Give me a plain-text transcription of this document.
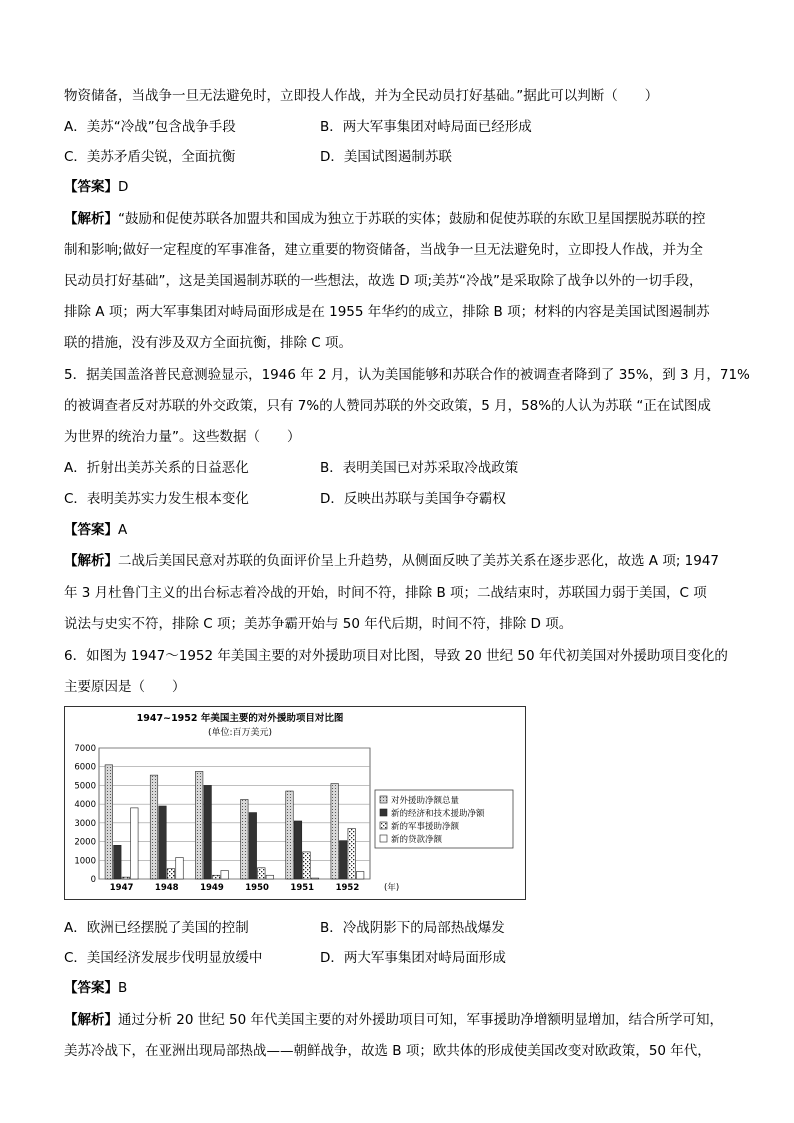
物资储备，当战争一旦无法避免时，立即投人作战，并为全民动员打好基础。”据此可以判断（　　）
A．美苏“冷战”包含战争手段	B．两大军事集团对峙局面已经形成
C．美苏矛盾尖锐，全面抗衡	D．美国试图遏制苏联
【答案】D
【解析】“鼓励和促使苏联各加盟共和国成为独立于苏联的实体；鼓励和促使苏联的东欧卫星国摆脱苏联的控
制和影响;做好一定程度的军事准备，建立重要的物资储备，当战争一旦无法避免时，立即投人作战，并为全
民动员打好基础”，这是美国遏制苏联的一些想法，故选 D 项;美苏“冷战”是采取除了战争以外的一切手段，
排除 A 项；两大军事集团对峙局面形成是在 1955 年华约的成立，排除 B 项；材料的内容是美国试图遏制苏
联的措施，没有涉及双方全面抗衡，排除 C 项。
5．据美国盖洛普民意测验显示，1946 年 2 月，认为美国能够和苏联合作的被调查者降到了 35%，到 3 月，71%
的被调查者反对苏联的外交政策，只有 7%的人赞同苏联的外交政策，5 月，58%的人认为苏联 “正在试图成
为世界的统治力量”。这些数据（　　）
A．折射出美苏关系的日益恶化	B．表明美国已对苏采取冷战政策
C．表明美苏实力发生根本变化	D．反映出苏联与美国争夺霸权
【答案】A
【解析】二战后美国民意对苏联的负面评价呈上升趋势，从侧面反映了美苏关系在逐步恶化，故选 A 项; 1947
年 3 月杜鲁门主义的出台标志着冷战的开始，时间不符，排除 B 项；二战结束时，苏联国力弱于美国，C 项
说法与史实不符，排除 C 项；美苏争霸开始与 50 年代后期，时间不符，排除 D 项。
6．如图为 1947～1952 年美国主要的对外援助项目对比图，导致 20 世纪 50 年代初美国对外援助项目变化的
主要原因是（　　）
1947~1952 年美国主要的对外援助项目对比图
(单位:百万美元)
0
1000
2000
3000
4000
5000
6000
7000
1947	1948	1949	1950	1951	1952	(年)
对外援助净额总量
新的经济和技术援助净额
新的军事援助净额
新的贷款净额
A．欧洲已经摆脱了美国的控制	B．冷战阴影下的局部热战爆发
C．美国经济发展步伐明显放缓中	D．两大军事集团对峙局面形成
【答案】B
【解析】通过分析 20 世纪 50 年代美国主要的对外援助项目可知，军事援助净增额明显增加，结合所学可知，
美苏冷战下，在亚洲出现局部热战——朝鲜战争，故选 B 项；欧共体的形成使美国改变对欧政策，50 年代，
